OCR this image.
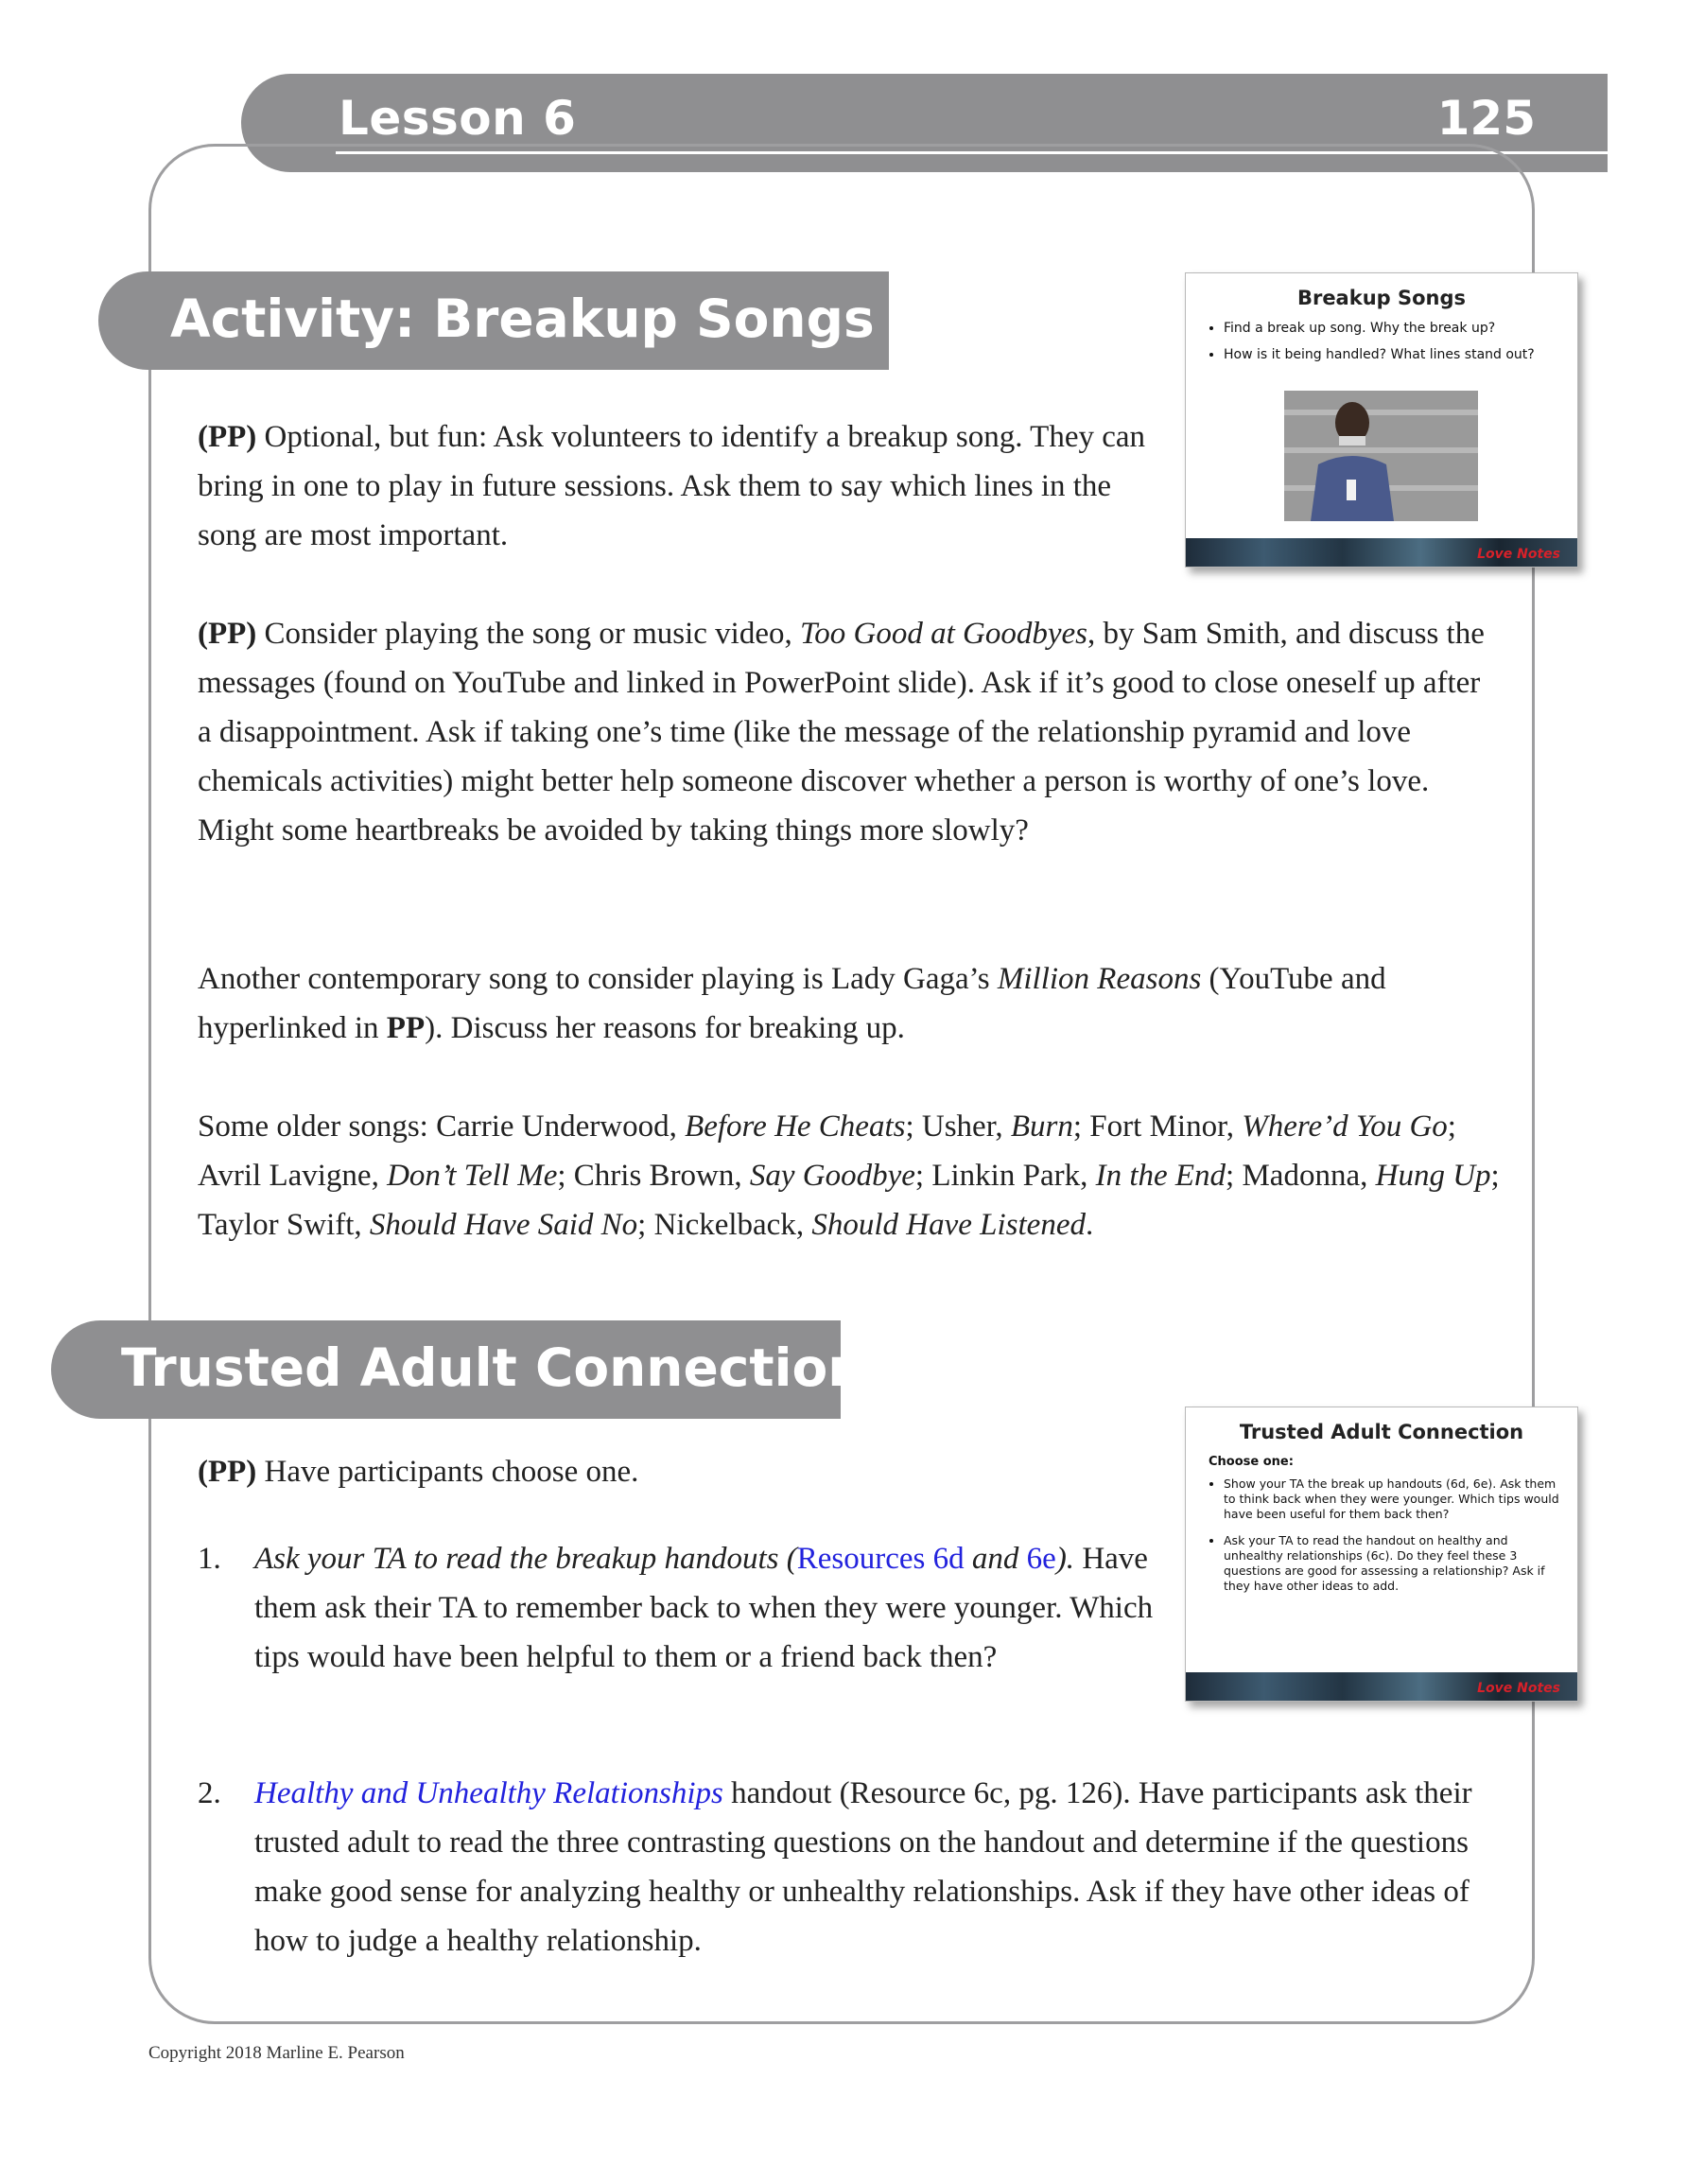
Lesson 6	125
Activity: Breakup Songs

(PP) Optional, but fun: Ask volunteers to identify a breakup song. They can bring in one to play in future sessions. Ask them to say which lines in the song are most important.

(PP) Consider playing the song or music video, Too Good at Goodbyes, by Sam Smith, and discuss the messages (found on YouTube and linked in PowerPoint slide). Ask if it’s good to close oneself up after a disappointment. Ask if taking one’s time (like the message of the relationship pyramid and love chemicals activities) might better help someone discover whether a person is worthy of one’s love. Might some heartbreaks be avoided by taking things more slowly?

Another contemporary song to consider playing is Lady Gaga’s Million Reasons (YouTube and hyperlinked in PP). Discuss her reasons for breaking up.

Some older songs: Carrie Underwood, Before He Cheats; Usher, Burn; Fort Minor, Where’d You Go; Avril Lavigne, Don’t Tell Me; Chris Brown, Say Goodbye; Linkin Park, In the End; Madonna, Hung Up; Taylor Swift, Should Have Said No; Nickelback, Should Have Listened.

Breakup Songs
• Find a break up song. Why the break up?
• How is it being handled? What lines stand out?
Love Notes
Trusted Adult Connection

(PP) Have participants choose one.

1. Ask your TA to read the breakup handouts (Resources 6d and 6e). Have them ask their TA to remember back to when they were younger. Which tips would have been helpful to them or a friend back then?

2. Healthy and Unhealthy Relationships handout (Resource 6c, pg. 126). Have participants ask their trusted adult to read the three contrasting questions on the handout and determine if the questions make good sense for analyzing healthy or unhealthy relationships. Ask if they have other ideas of how to judge a healthy relationship.

Trusted Adult Connection
Choose one:
• Show your TA the break up handouts (6d, 6e). Ask them to think back when they were younger. Which tips would have been useful for them back then?
• Ask your TA to read the handout on healthy and unhealthy relationships (6c). Do they feel these 3 questions are good for assessing a relationship? Ask if they have other ideas to add.
Love Notes
Copyright 2018 Marline E. Pearson
